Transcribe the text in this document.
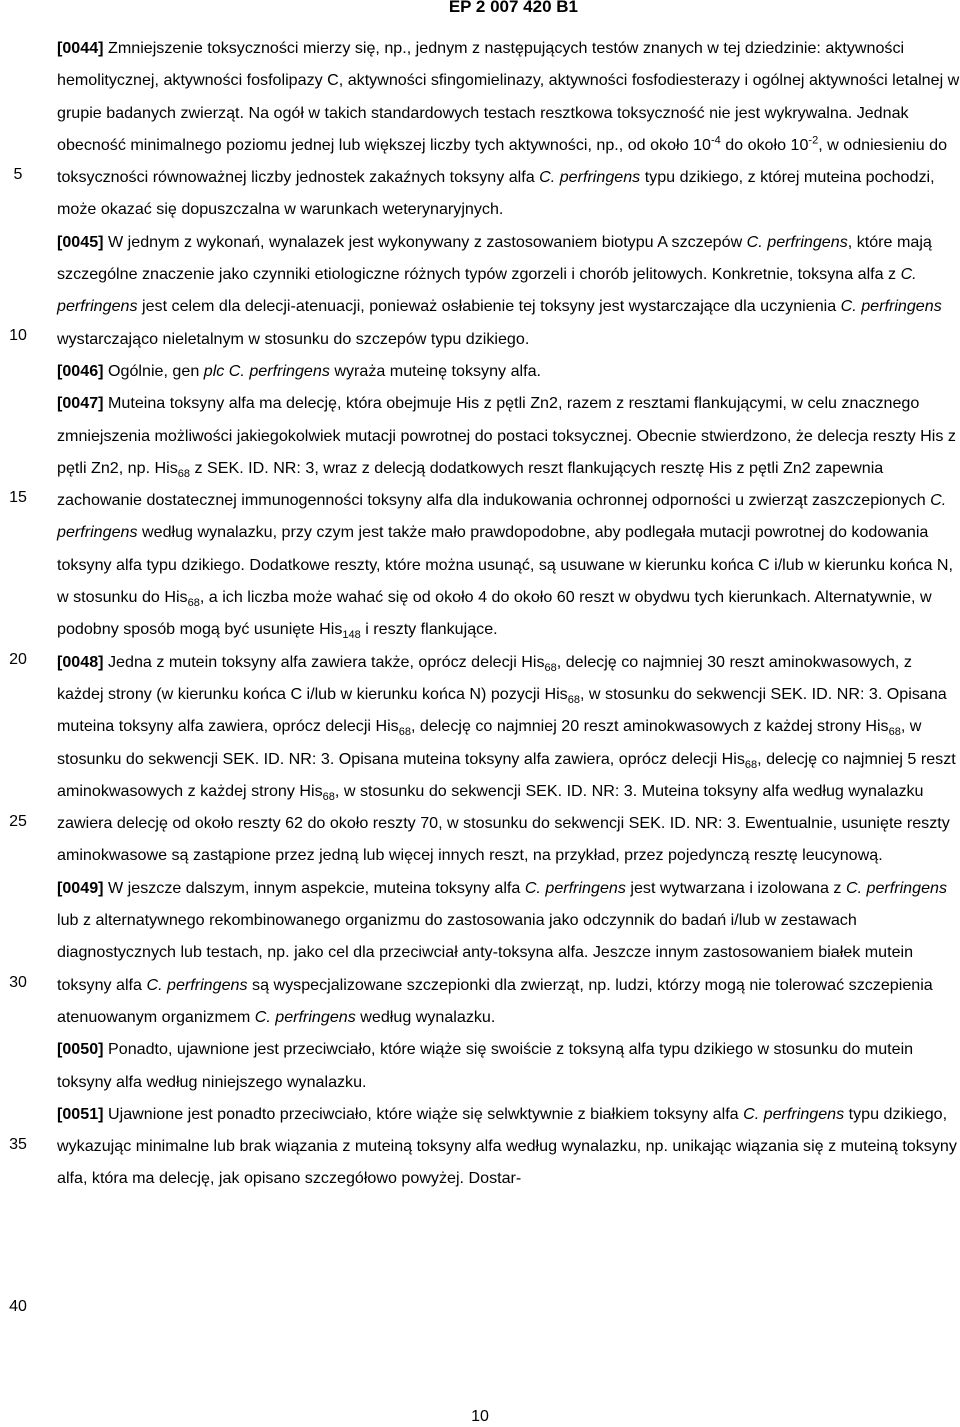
EP 2 007 420 B1
5
10
15
20
25
30
35
40

[0044] Zmniejszenie toksyczności mierzy się, np., jednym z następujących testów znanych w tej dziedzinie: aktywności hemolitycznej, aktywności fosfolipazy C, aktywności sfingomielinazy, aktywności fosfodiesterazy i ogólnej aktywności letalnej w grupie badanych zwierząt. Na ogół w takich standardowych testach resztkowa toksyczność nie jest wykrywalna. Jednak obecność minimalnego poziomu jednej lub większej liczby tych aktywności, np., od około $10^{-4}$ do około $10^{-2}$, w odniesieniu do toksyczności równoważnej liczby jednostek zakaźnych toksyny alfa C. perfringens typu dzikiego, z której muteina pochodzi, może okazać się dopuszczalna w warunkach weterynaryjnych.

[0045] W jednym z wykonań, wynalazek jest wykonywany z zastosowaniem biotypu A szczepów C. perfringens, które mają szczególne znaczenie jako czynniki etiologiczne różnych typów zgorzeli i chorób jelitowych. Konkretnie, toksyna alfa z C. perfringens jest celem dla delecji-atenuacji, ponieważ osłabienie tej toksyny jest wystarczające dla uczynienia C. perfringens wystarczająco nieletalnym w stosunku do szczepów typu dzikiego.

[0046] Ogólnie, gen plc C. perfringens wyraża muteinę toksyny alfa.

[0047] Muteina toksyny alfa ma delecję, która obejmuje His z pętli Zn2, razem z resztami flankującymi, w celu znacznego zmniejszenia możliwości jakiegokolwiek mutacji powrotnej do postaci toksycznej. Obecnie stwierdzono, że delecja reszty His z pętli Zn2, np. His$_{68}$ z SEK. ID. NR: 3, wraz z delecją dodatkowych reszt flankujących resztę His z pętli Zn2 zapewnia zachowanie dostatecznej immunogenności toksyny alfa dla indukowania ochronnej odporności u zwierząt zaszczepionych C. perfringens według wynalazku, przy czym jest także mało prawdopodobne, aby podlegała mutacji powrotnej do kodowania toksyny alfa typu dzikiego. Dodatkowe reszty, które można usunąć, są usuwane w kierunku końca C i/lub w kierunku końca N, w stosunku do His$_{68}$, a ich liczba może wahać się od około 4 do około 60 reszt w obydwu tych kierunkach. Alternatywnie, w podobny sposób mogą być usunięte His$_{148}$ i reszty flankujące.

[0048] Jedna z mutein toksyny alfa zawiera także, oprócz delecji His$_{68}$, delecję co najmniej 30 reszt aminokwasowych, z każdej strony (w kierunku końca C i/lub w kierunku końca N) pozycji His$_{68}$, w stosunku do sekwencji SEK. ID. NR: 3. Opisana muteina toksyny alfa zawiera, oprócz delecji His$_{68}$, delecję co najmniej 20 reszt aminokwasowych z każdej strony His$_{68}$, w stosunku do sekwencji SEK. ID. NR: 3. Opisana muteina toksyny alfa zawiera, oprócz delecji His$_{68}$, delecję co najmniej 5 reszt aminokwasowych z każdej strony His$_{68}$, w stosunku do sekwencji SEK. ID. NR: 3. Muteina toksyny alfa według wynalazku zawiera delecję od około reszty 62 do około reszty 70, w stosunku do sekwencji SEK. ID. NR: 3. Ewentualnie, usunięte reszty aminokwasowe są zastąpione przez jedną lub więcej innych reszt, na przykład, przez pojedynczą resztę leucynową.

[0049] W jeszcze dalszym, innym aspekcie, muteina toksyny alfa C. perfringens jest wytwarzana i izolowana z C. perfringens lub z alternatywnego rekombinowanego organizmu do zastosowania jako odczynnik do badań i/lub w zestawach diagnostycznych lub testach, np. jako cel dla przeciwciał anty-toksyna alfa. Jeszcze innym zastosowaniem białek mutein toksyny alfa C. perfringens są wyspecjalizowane szczepionki dla zwierząt, np. ludzi, którzy mogą nie tolerować szczepienia atenuowanym organizmem C. perfringens według wynalazku.

[0050] Ponadto, ujawnione jest przeciwciało, które wiąże się swoiście z toksyną alfa typu dzikiego w stosunku do mutein toksyny alfa według niniejszego wynalazku.

[0051] Ujawnione jest ponadto przeciwciało, które wiąże się selwktywnie z białkiem toksyny alfa C. perfringens typu dzikiego, wykazując minimalne lub brak wiązania z muteiną toksyny alfa według wynalazku, np. unikając wiązania się z muteiną toksyny alfa, która ma delecję, jak opisano szczegółowo powyżej. Dostar-

10
